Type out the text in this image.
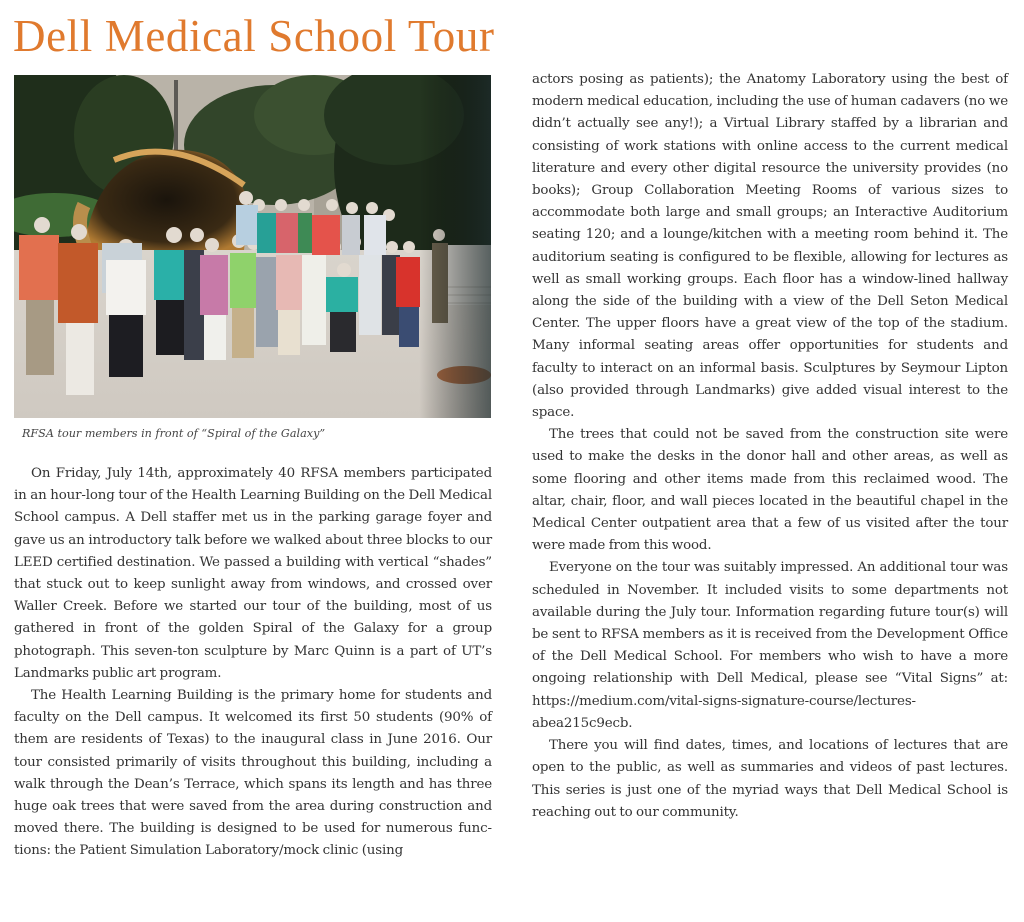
Dell Medical School Tour
RFSA tour members in front of “Spiral of the Galaxy”

On Friday, July 14th, approximately 40 RFSA members participated in an hour-long tour of the Health Learning Building on the Dell Medical School campus. A Dell staffer met us in the parking garage foyer and gave us an introductory talk before we walked about three blocks to our LEED certified destination. We passed a building with vertical “shades” that stuck out to keep sunlight away from windows, and crossed over Waller Creek. Before we started our tour of the building, most of us gathered in front of the golden Spiral of the Galaxy for a group photograph. This seven-ton sculpture by Marc Quinn is a part of UT’s Landmarks public art program.

The Health Learning Building is the primary home for students and faculty on the Dell campus. It welcomed its first 50 students (90% of them are residents of Texas) to the inaugural class in June 2016. Our tour consisted primarily of visits throughout this building, including a walk through the Dean’s Terrace, which spans its length and has three huge oak trees that were saved from the area during construction and moved there. The building is designed to be used for numerous functions: the Patient Simulation Laboratory/mock clinic (using

actors posing as patients); the Anatomy Laboratory using the best of modern medical education, including the use of human cadavers (no we didn’t actually see any!); a Virtual Library staffed by a librarian and consisting of work stations with online access to the current medical literature and every other digital resource the university provides (no books); Group Collaboration Meeting Rooms of various sizes to accommodate both large and small groups; an Interactive Auditorium seating 120; and a lounge/kitchen with a meeting room behind it. The auditorium seating is configured to be flexible, allowing for lectures as well as small working groups. Each floor has a window-lined hallway along the side of the building with a view of the Dell Seton Medical Center. The upper floors have a great view of the top of the stadium. Many informal seating areas offer opportunities for students and faculty to interact on an informal basis. Sculptures by Seymour Lipton (also provided through Landmarks) give added visual interest to the space.

The trees that could not be saved from the construction site were used to make the desks in the donor hall and other areas, as well as some flooring and other items made from this reclaimed wood. The altar, chair, floor, and wall pieces located in the beautiful chapel in the Medical Center outpatient area that a few of us visited after the tour were made from this wood.

Everyone on the tour was suitably impressed. An additional tour was scheduled in November. It included visits to some departments not available during the July tour. Information regarding future tour(s) will be sent to RFSA members as it is received from the Development Office of the Dell Medical School. For members who wish to have a more ongoing relationship with Dell Medical, please see “Vital Signs” at: https://medium.com/vital-signs-signature-course/lectures-abea215c9ecb.

There you will find dates, times, and locations of lectures that are open to the public, as well as summaries and videos of past lectures. This series is just one of the myriad ways that Dell Medical School is reaching out to our community.
